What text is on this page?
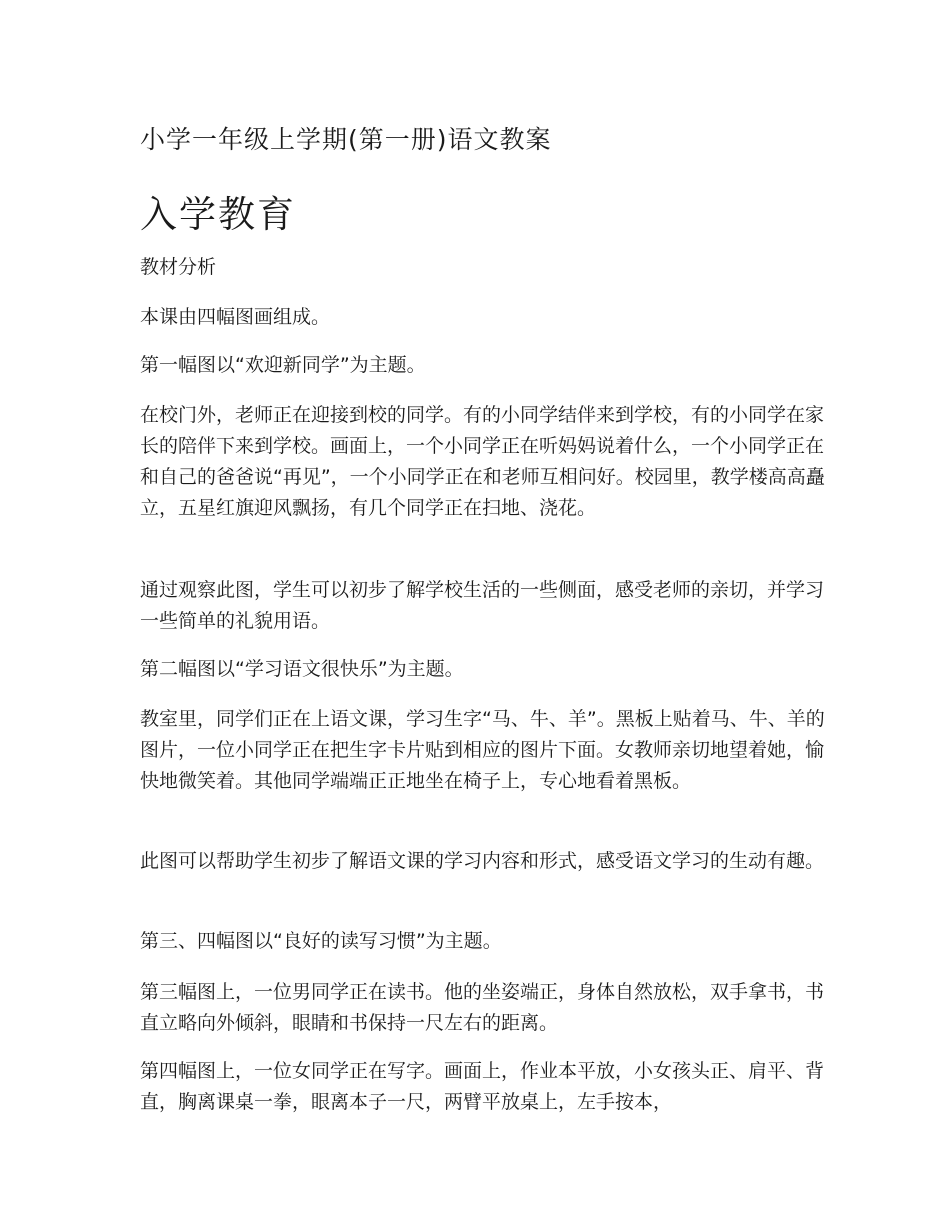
小学一年级上学期(第一册)语文教案
入学教育

教材分析

本课由四幅图画组成。

第一幅图以“欢迎新同学”为主题。

在校门外，老师正在迎接到校的同学。有的小同学结伴来到学校，有的小同学在家长的陪伴下来到学校。画面上，一个小同学正在听妈妈说着什么，一个小同学正在和自己的爸爸说“再见”，一个小同学正在和老师互相问好。校园里，教学楼高高矗立，五星红旗迎风飘扬，有几个同学正在扫地、浇花。

通过观察此图，学生可以初步了解学校生活的一些侧面，感受老师的亲切，并学习一些简单的礼貌用语。

第二幅图以“学习语文很快乐”为主题。

教室里，同学们正在上语文课，学习生字“马、牛、羊”。黑板上贴着马、牛、羊的图片，一位小同学正在把生字卡片贴到相应的图片下面。女教师亲切地望着她，愉快地微笑着。其他同学端端正正地坐在椅子上，专心地看着黑板。

此图可以帮助学生初步了解语文课的学习内容和形式，感受语文学习的生动有趣。

第三、四幅图以“良好的读写习惯”为主题。

第三幅图上，一位男同学正在读书。他的坐姿端正，身体自然放松，双手拿书，书直立略向外倾斜，眼睛和书保持一尺左右的距离。

第四幅图上，一位女同学正在写字。画面上，作业本平放，小女孩头正、肩平、背直，胸离课桌一拳，眼离本子一尺，两臂平放桌上，左手按本，
